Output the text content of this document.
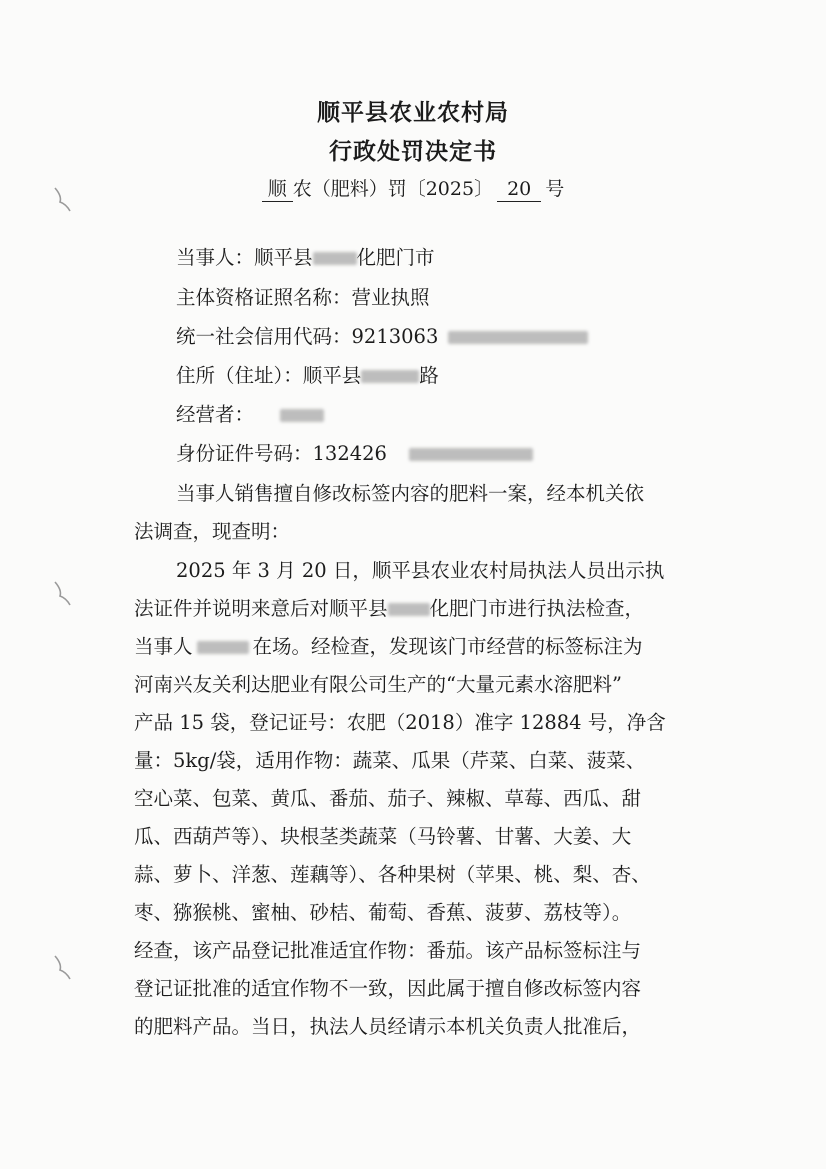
顺平县农业农村局
行政处罚决定书
顺 农（肥料）罚〔2025〕 20 号
当事人：顺平县 化肥门市
主体资格证照名称：营业执照
统一社会信用代码：9213063
住所（住址）：顺平县	路
经营者：
身份证件号码：132426
当事人销售擅自修改标签内容的肥料一案，经本机关依
法调查，现查明：
2025 年 3 月 20 日，顺平县农业农村局执法人员出示执
法证件并说明来意后对顺平县 化肥门市进行执法检查，
当事人	在场。经检查，发现该门市经营的标签标注为
河南兴友关利达肥业有限公司生产的“大量元素水溶肥料”
产品 15 袋，登记证号：农肥（2018）准字 12884 号，净含
量：5kg/袋，适用作物：蔬菜、瓜果（芹菜、白菜、菠菜、
空心菜、包菜、黄瓜、番茄、茄子、辣椒、草莓、西瓜、甜
瓜、西葫芦等）、块根茎类蔬菜（马铃薯、甘薯、大姜、大
蒜、萝卜、洋葱、莲藕等）、各种果树（苹果、桃、梨、杏、
枣、猕猴桃、蜜柚、砂桔、葡萄、香蕉、菠萝、荔枝等）。
经查，该产品登记批准适宜作物：番茄。该产品标签标注与
登记证批准的适宜作物不一致，因此属于擅自修改标签内容
的肥料产品。当日，执法人员经请示本机关负责人批准后，
